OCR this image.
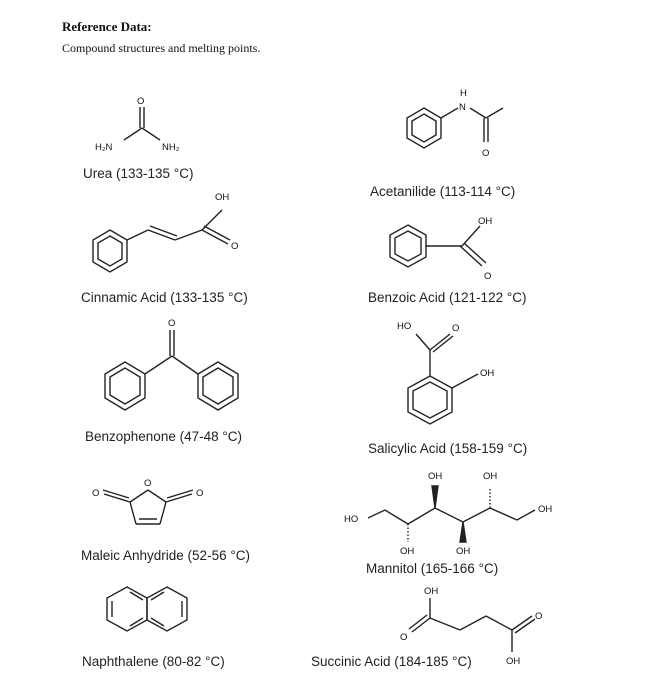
Reference Data:
Compound structures and melting points.
O
H₂N	NH₂
N
H
O
OH
O
OH
O
O	HO	O
OH
O
O	O
HO
OH	OH
OH	OH
OH
OH
O
O
OH
Urea (133-135 °C)
Acetanilide (113-114 °C)
Cinnamic Acid (133-135 °C)	Benzoic Acid (121-122 °C)
Benzophenone (47-48 °C)
Salicylic Acid (158-159 °C)
Maleic Anhydride (52-56 °C)
Mannitol (165-166 °C)
Naphthalene (80-82 °C)	Succinic Acid (184-185 °C)
